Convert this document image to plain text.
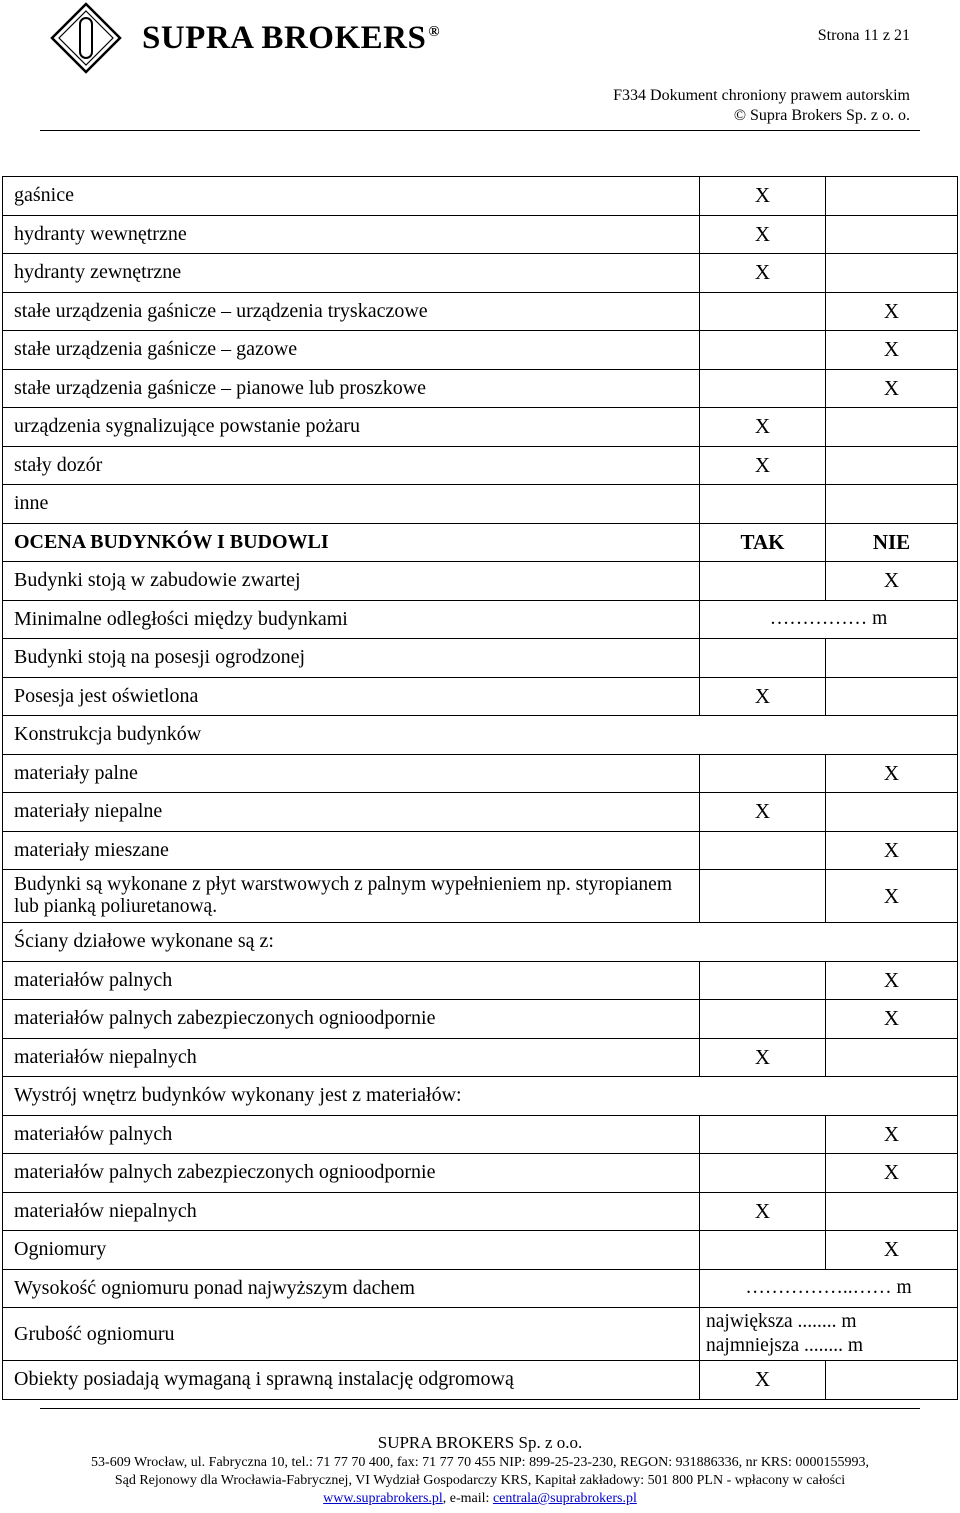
SUPRA BROKERS ®	Strona 11 z 21
F334 Dokument chroniony prawem autorskim
© Supra Brokers Sp. z o. o.
gaśnice	X	
hydranty wewnętrzne	X	
hydranty zewnętrzne	X	
stałe urządzenia gaśnicze – urządzenia tryskaczowe		X
stałe urządzenia gaśnicze – gazowe		X
stałe urządzenia gaśnicze – pianowe lub proszkowe		X
urządzenia sygnalizujące powstanie pożaru	X	
stały dozór	X	
inne		
OCENA BUDYNKÓW I BUDOWLI	TAK	NIE
Budynki stoją w zabudowie zwartej		X
Minimalne odległości między budynkami	…………… m	
Budynki stoją na posesji ogrodzonej		
Posesja jest oświetlona	X	
Konstrukcja budynków		
materiały palne		X
materiały niepalne	X	
materiały mieszane		X
Budynki są wykonane z płyt warstwowych z palnym wypełnieniem np. styropianem lub pianką poliuretanową.		X
Ściany działowe wykonane są z:		
materiałów palnych		X
materiałów palnych zabezpieczonych ognioodpornie		X
materiałów niepalnych	X	
Wystrój wnętrz budynków wykonany jest z materiałów:		
materiałów palnych		X
materiałów palnych zabezpieczonych ognioodpornie		X
materiałów niepalnych	X	
Ogniomury		X
Wysokość ogniomuru ponad najwyższym dachem	……………..…… m	
Grubość ogniomuru	największa ........ m
najmniejsza ........ m	

Obiekty posiadają wymaganą i sprawną instalację odgromową	X	
SUPRA BROKERS Sp. z o.o.
53-609 Wrocław, ul. Fabryczna 10, tel.: 71 77 70 400, fax: 71 77 70 455 NIP: 899-25-23-230, REGON: 931886336, nr KRS: 0000155993,
Sąd Rejonowy dla Wrocławia-Fabrycznej, VI Wydział Gospodarczy KRS, Kapitał zakładowy: 501 800 PLN - wpłacony w całości
www.suprabrokers.pl, e-mail: centrala@suprabrokers.pl
